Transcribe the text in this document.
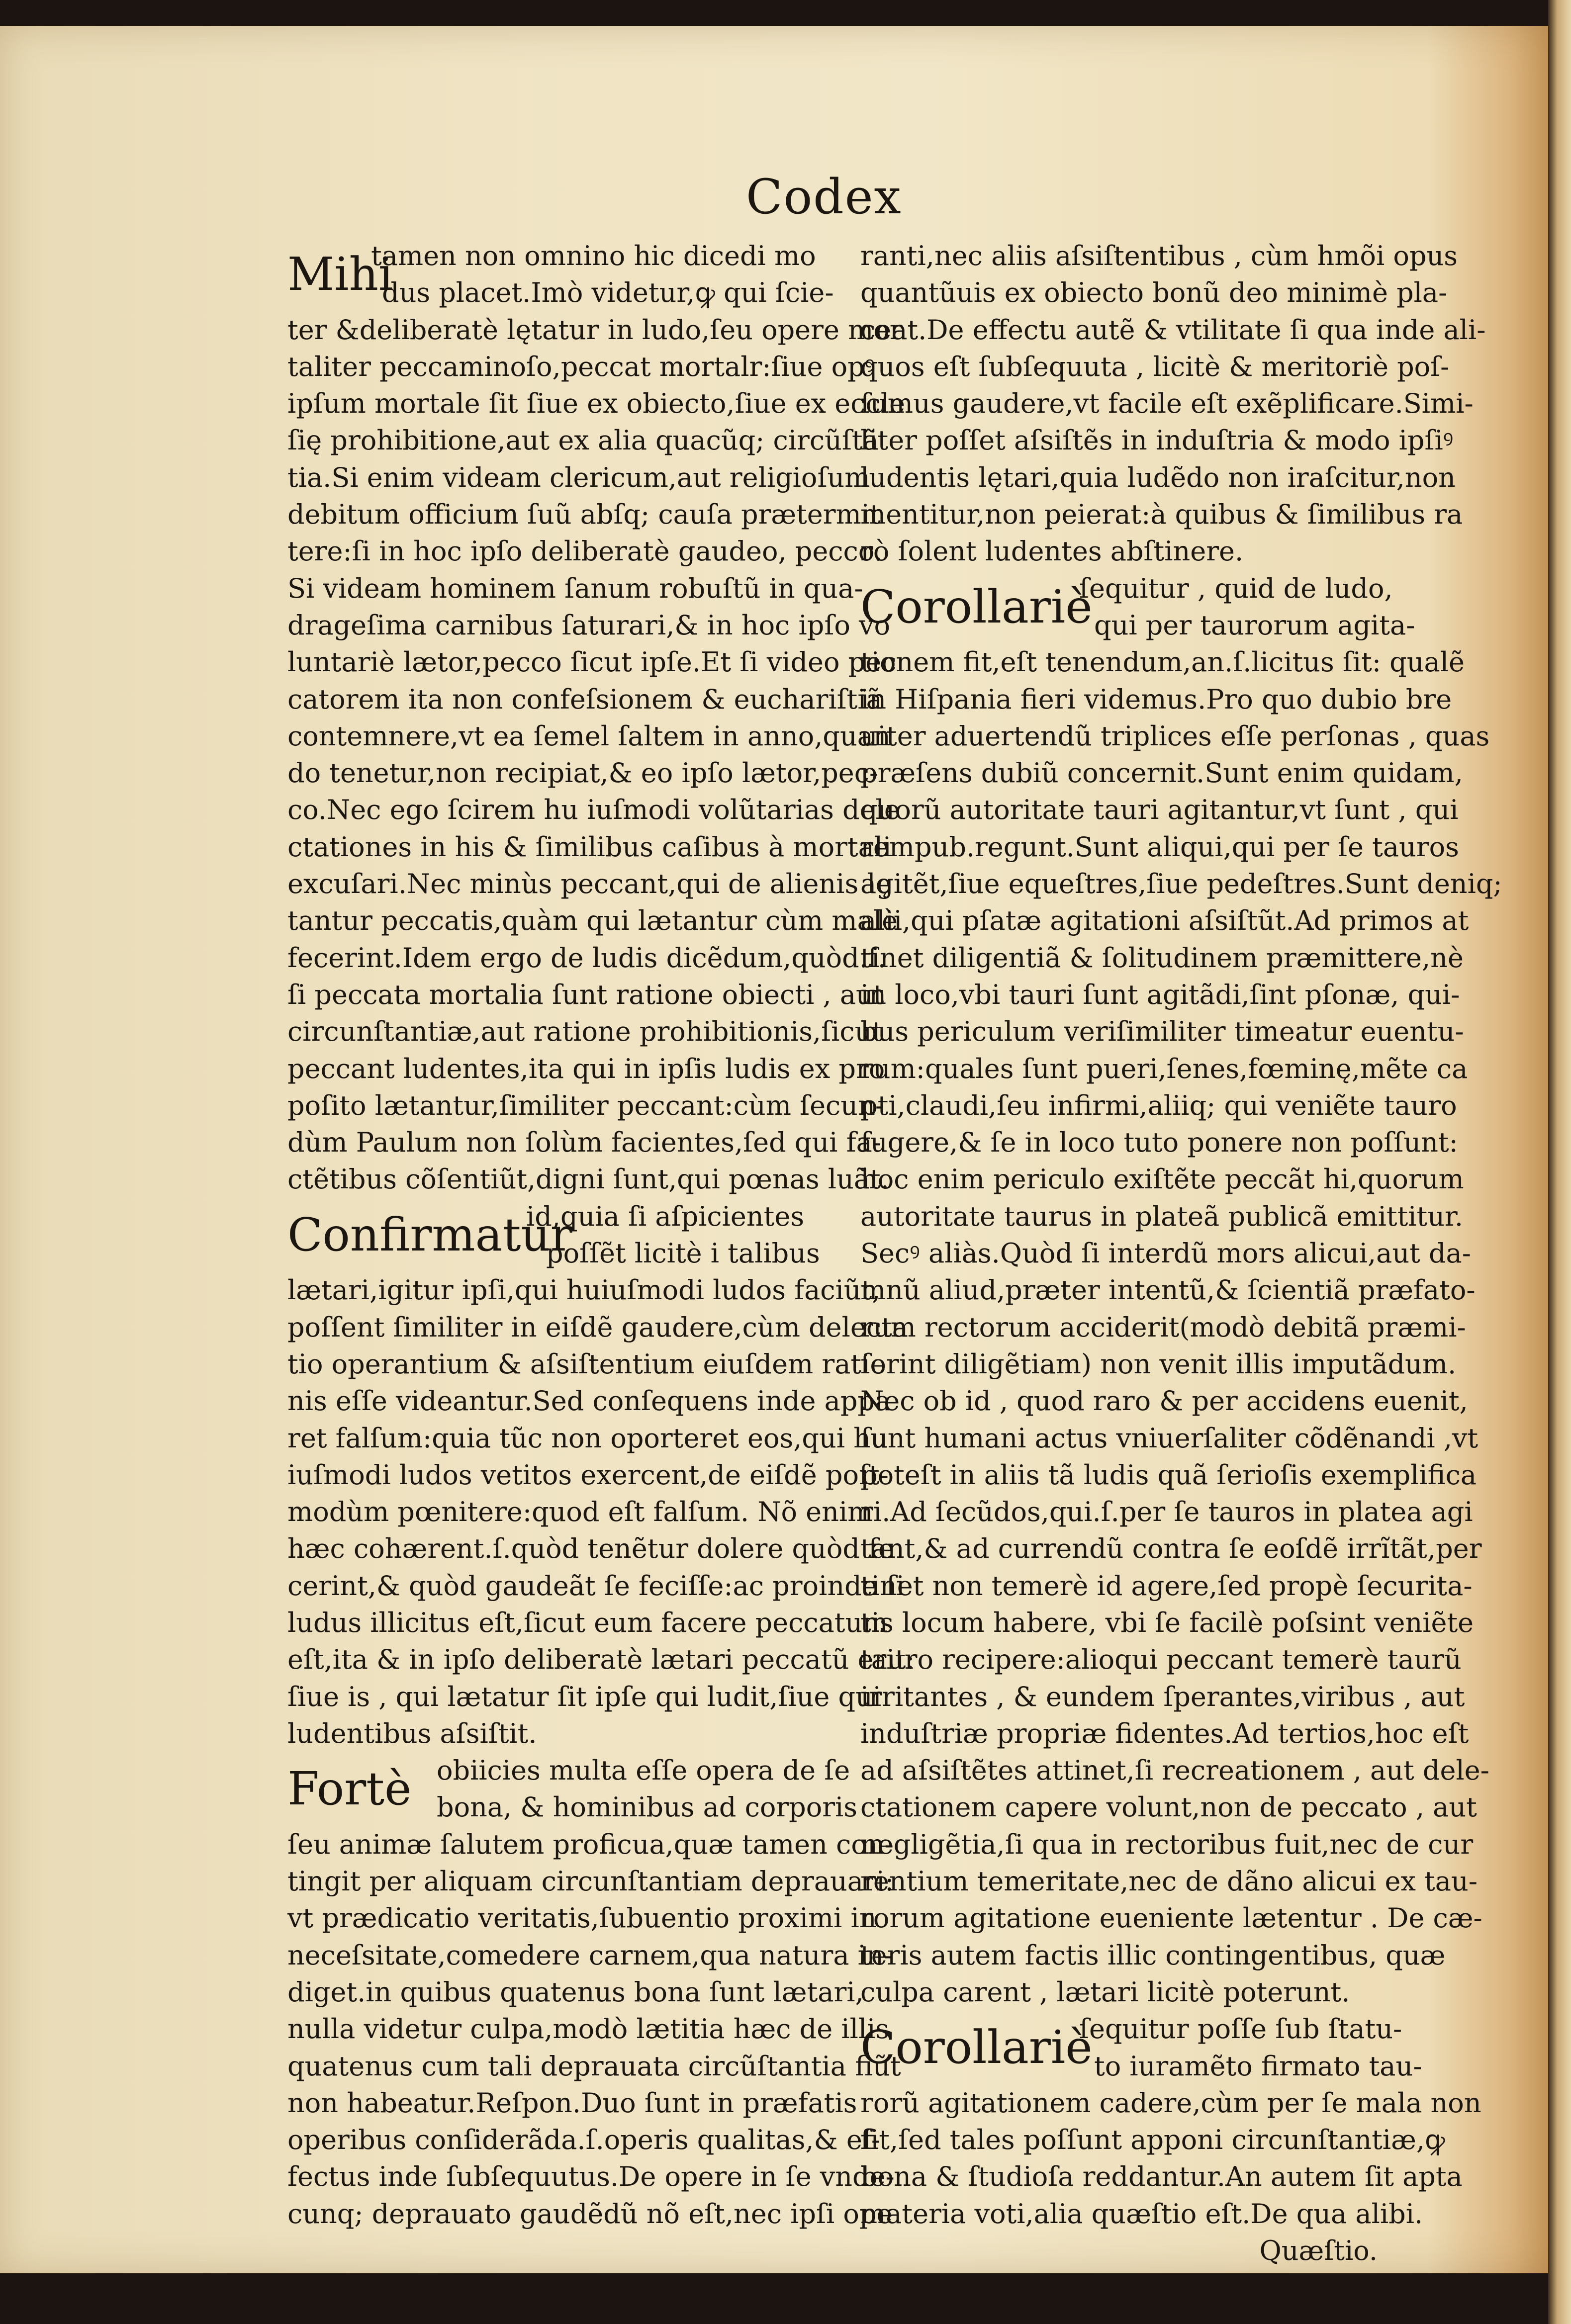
Codex
Mihi
tamen non omnino hic dicedi mo
dus placet.Imò videtur,ꝙ qui ſcie-
ter &deliberatè lętatur in ludo,ſeu opere mor
taliter peccaminoſo,peccat mortalr:ſiue opꝰ
ipſum mortale ſit ſiue ex obiecto,ſiue ex eccle
ſię prohibitione,aut ex alia quacũq; circũſtã
tia.Si enim videam clericum,aut religioſum
debitum officium ſuũ abſq; cauſa prætermit
tere:ſi in hoc ipſo deliberatè gaudeo, pecco.
Si videam hominem ſanum robuſtũ in qua-
drageſima carnibus ſaturari,& in hoc ipſo vo
luntariè lætor,pecco ſicut ipſe.Et ſi video pec
catorem ita non confeſsionem & euchariſtiã
contemnere,vt ea ſemel ſaltem in anno,quan
do tenetur,non recipiat,& eo ipſo lætor,pec-
co.Nec ego ſcirem hu iuſmodi volũtarias dele
ctationes in his & ſimilibus caſibus à mortali
excuſari.Nec minùs peccant,qui de alienis lę
tantur peccatis,quàm qui lætantur cùm malè
fecerint.Idem ergo de ludis dicẽdum,quòd.ſ.
ſi peccata mortalia ſunt ratione obiecti , aut
circunſtantiæ,aut ratione prohibitionis,ſicut
peccant ludentes,ita qui in ipſis ludis ex pro
poſito lætantur,ſimiliter peccant:cùm ſecun-
dùm Paulum non ſolùm facientes,ſed qui fa-
ctẽtibus cõſentiũt,digni ſunt,qui pœnas luãt.
Confirmatur
id,quia ſi aſpicientes
poſſẽt licitè i talibus
lætari,igitur ipſi,qui huiuſmodi ludos faciũt,
poſſent ſimiliter in eiſdẽ gaudere,cùm delecta
tio operantium & aſsiſtentium eiuſdem ratio
nis eſſe videantur.Sed conſequens inde appa
ret falſum:quia tũc non oporteret eos,qui hu
iuſmodi ludos vetitos exercent,de eiſdẽ poſt-
modùm pœnitere:quod eſt falſum. Nõ enim
hæc cohærent.ſ.quòd tenẽtur dolere quòd fe
cerint,& quòd gaudeãt ſe feciſſe:ac proinde ſi
ludus illicitus eſt,ſicut eum facere peccatum
eſt,ita & in ipſo deliberatè lætari peccatũ erit:
ſiue is , qui lætatur ſit ipſe qui ludit,ſiue qui
ludentibus aſsiſtit.
Fortè obiicies multa eſſe opera de ſe
bona, & hominibus ad corporis
ſeu animæ ſalutem proficua,quæ tamen con-
tingit per aliquam circunſtantiam deprauari:
vt prædicatio veritatis,ſubuentio proximi in
neceſsitate,comedere carnem,qua natura in-
diget.in quibus quatenus bona ſunt lætari,
nulla videtur culpa,modò lætitia hæc de illis
quatenus cum tali deprauata circũſtantia fiũt
non habeatur.Reſpon.Duo ſunt in præfatis
operibus conſiderãda.ſ.operis qualitas,& ef-
fectus inde ſubſequutus.De opere in ſe vnde-
cunq; deprauato gaudẽdũ nõ eſt,nec ipſi ope
ranti,nec aliis aſsiſtentibus , cùm hmõi opus
quantũuis ex obiecto bonũ deo minimè pla-
ceat.De effectu autẽ & vtilitate ſi qua inde ali-
quos eſt ſubſequuta , licitè & meritoriè poſ-
ſumus gaudere,vt facile eſt exẽplificare.Simi-
liter poſſet aſsiſtẽs in induſtria & modo ipſiꝰ
ludentis lętari,quia ludẽdo non iraſcitur,non
mentitur,non peierat:à quibus & ſimilibus ra
rò ſolent ludentes abſtinere.
Corollariè
ſequitur , quid de ludo,
qui per taurorum agita-
tionem fit,eſt tenendum,an.ſ.licitus ſit: qualẽ
in Hiſpania fieri videmus.Pro quo dubio bre
uiter aduertendũ triplices eſſe perſonas , quas
præſens dubiũ concernit.Sunt enim quidam,
quorũ autoritate tauri agitantur,vt ſunt , qui
rempub.regunt.Sunt aliqui,qui per ſe tauros
agitẽt,ſiue equeſtres,ſiue pedeſtres.Sunt deniq;
alii,qui pſatæ agitationi aſsiſtũt.Ad primos at
tinet diligentiã & ſolitudinem præmittere,nè
in loco,vbi tauri ſunt agitãdi,ſint pſonæ, qui-
bus periculum veriſimiliter timeatur euentu-
rum:quales ſunt pueri,ſenes,fœminę,mẽte ca
pti,claudi,ſeu infirmi,aliiq; qui veniẽte tauro
fugere,& ſe in loco tuto ponere non poſſunt:
hoc enim periculo exiſtẽte peccãt hi,quorum
autoritate taurus in plateã publicã emittitur.
Secꝰ aliàs.Quòd ſi interdũ mors alicui,aut da-
mnũ aliud,præter intentũ,& ſcientiã præfato-
rum rectorum acciderit(modò debitã præmi-
ſerint diligẽtiam) non venit illis imputãdum.
Nec ob id , quod raro & per accidens euenit,
ſunt humani actus vniuerſaliter cõdẽnandi ,vt
poteſt in aliis tã ludis quã ſerioſis exemplifica
ri.Ad ſecũdos,qui.ſ.per ſe tauros in platea agi
tant,& ad currendũ contra ſe eoſdẽ irrĩtãt,per
tinet non temerè id agere,ſed propè ſecurita-
tis locum habere, vbi ſe facilè poſsint veniẽte
tauro recipere:alioqui peccant temerè taurũ
irritantes , & eundem ſperantes,viribus , aut
induſtriæ propriæ fidentes.Ad tertios,hoc eſt
ad aſsiſtẽtes attinet,ſi recreationem , aut dele-
ctationem capere volunt,non de peccato , aut
negligẽtia,ſi qua in rectoribus fuit,nec de cur
rentium temeritate,nec de dãno alicui ex tau-
rorum agitatione eueniente lætentur . De cæ-
teris autem factis illic contingentibus, quæ
culpa carent , lætari licitè poterunt.
Corollariè
ſequitur poſſe ſub ſtatu-
to iuramẽto firmato tau-
rorũ agitationem cadere,cùm per ſe mala non
ſit,ſed tales poſſunt apponi circunſtantiæ,ꝙ
bona & ſtudioſa reddantur.An autem ſit apta
materia voti,alia quæſtio eſt.De qua alibi.
Quæſtio.
